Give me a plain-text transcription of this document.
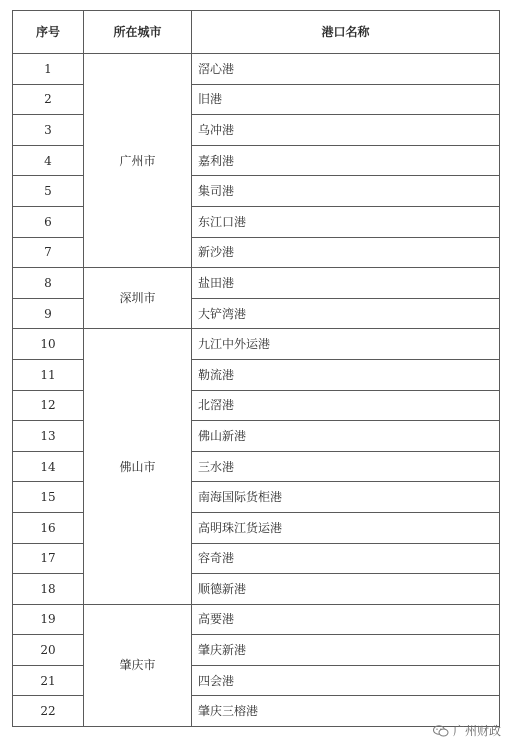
序号	所在城市	港口名称
1	广州市	滘心港
2		旧港
3		乌冲港
4		嘉利港
5		集司港
6		东江口港
7		新沙港
8	深圳市	盐田港
9		大铲湾港
10	佛山市	九江中外运港
11		勒流港
12		北滘港
13		佛山新港
14		三水港
15		南海国际货柜港
16		高明珠江货运港
17		容奇港
18		顺德新港
19	肇庆市	高要港
20		肇庆新港
21		四会港
22		肇庆三榕港
广州财政
